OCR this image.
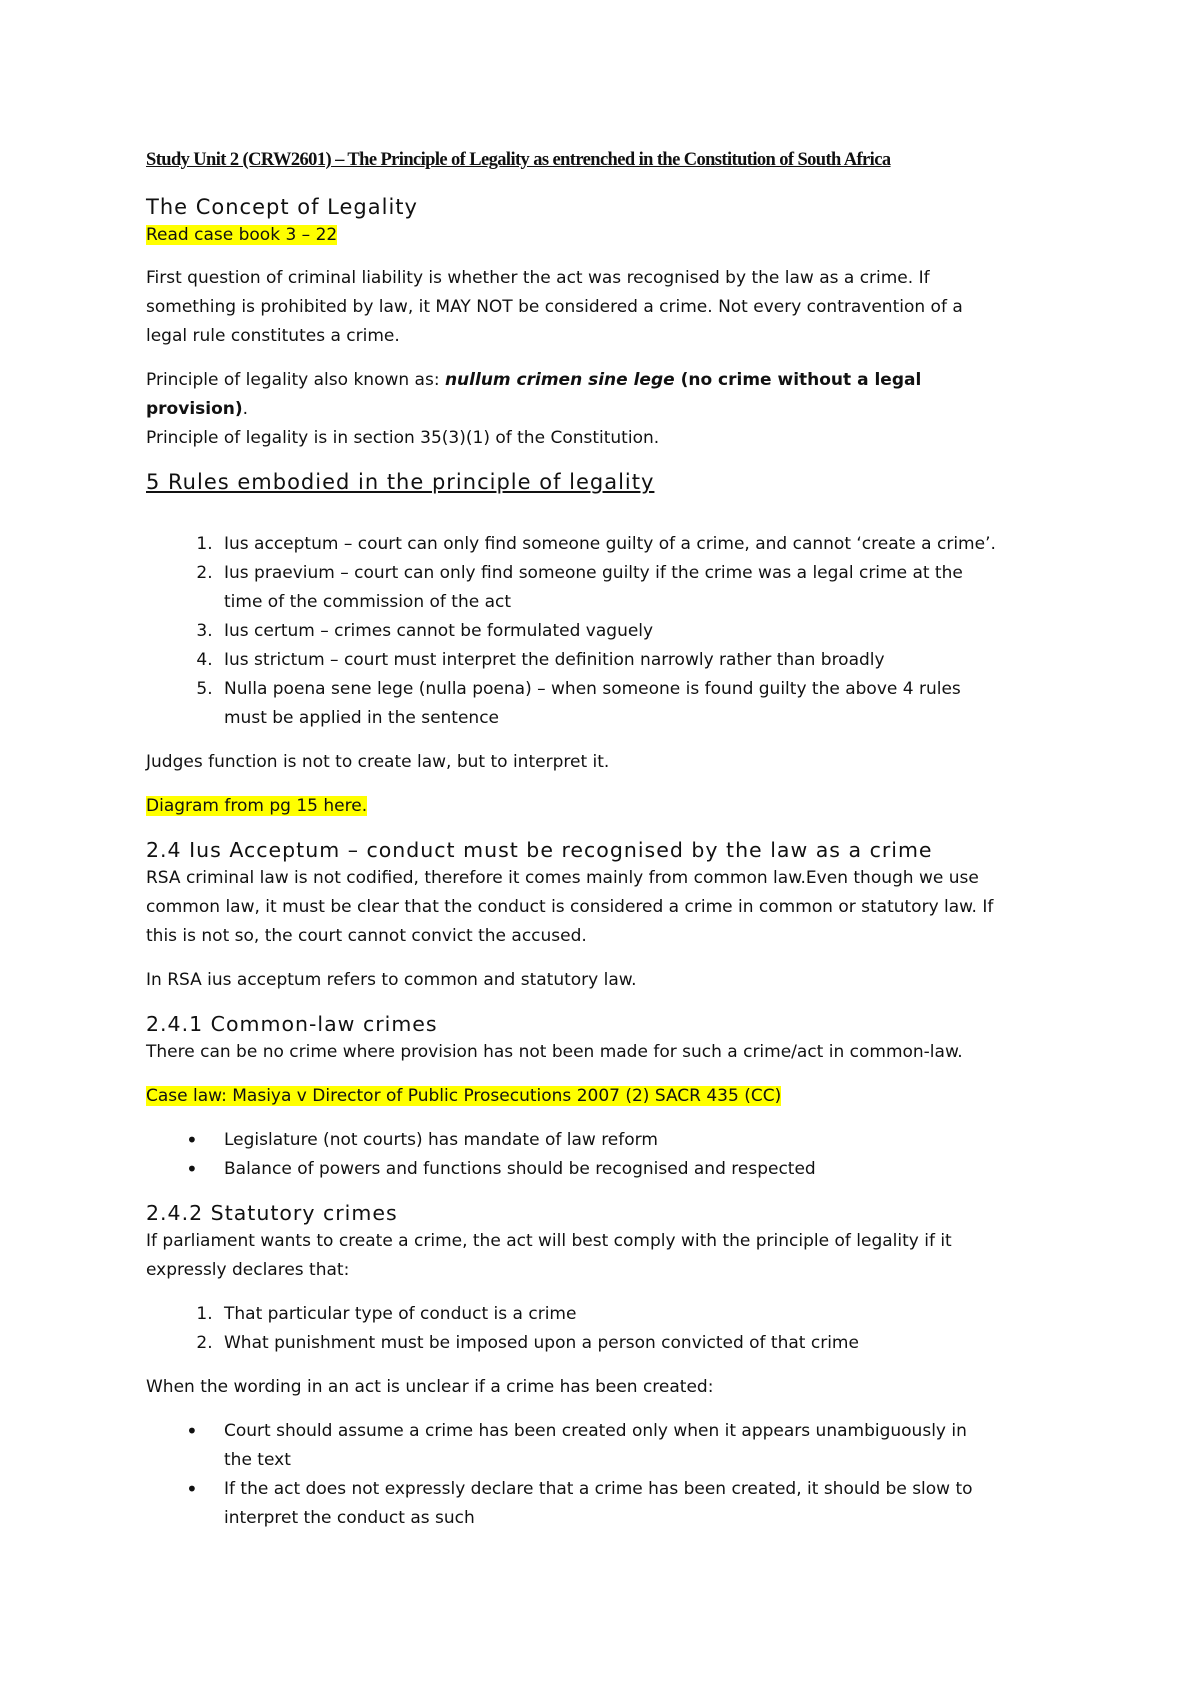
Study Unit 2 (CRW2601) – The Principle of Legality as entrenched in the Constitution of South Africa
The Concept of Legality

Read case book 3 – 22

First question of criminal liability is whether the act was recognised by the law as a crime. If something is prohibited by law, it MAY NOT be considered a crime. Not every contravention of a legal rule constitutes a crime.

Principle of legality also known as: nullum crimen sine lege (no crime without a legal provision).

Principle of legality is in section 35(3)(1) of the Constitution.

5 Rules embodied in the principle of legality
1. Ius acceptum – court can only find someone guilty of a crime, and cannot ‘create a crime’.
2. Ius praevium – court can only find someone guilty if the crime was a legal crime at the time of the commission of the act
3. Ius certum – crimes cannot be formulated vaguely
4. Ius strictum – court must interpret the definition narrowly rather than broadly
5. Nulla poena sene lege (nulla poena) – when someone is found guilty the above 4 rules must be applied in the sentence

Judges function is not to create law, but to interpret it.

Diagram from pg 15 here.

2.4 Ius Acceptum – conduct must be recognised by the law as a crime

RSA criminal law is not codified, therefore it comes mainly from common law.Even though we use common law, it must be clear that the conduct is considered a crime in common or statutory law. If this is not so, the court cannot convict the accused.

In RSA ius acceptum refers to common and statutory law.

2.4.1 Common-law crimes

There can be no crime where provision has not been made for such a crime/act in common-law.

Case law: Masiya v Director of Public Prosecutions 2007 (2) SACR 435 (CC)

• Legislature (not courts) has mandate of law reform
• Balance of powers and functions should be recognised and respected
2.4.2 Statutory crimes

If parliament wants to create a crime, the act will best comply with the principle of legality if it expressly declares that:

1. That particular type of conduct is a crime
2. What punishment must be imposed upon a person convicted of that crime

When the wording in an act is unclear if a crime has been created:

• Court should assume a crime has been created only when it appears unambiguously in the text
• If the act does not expressly declare that a crime has been created, it should be slow to interpret the conduct as such
